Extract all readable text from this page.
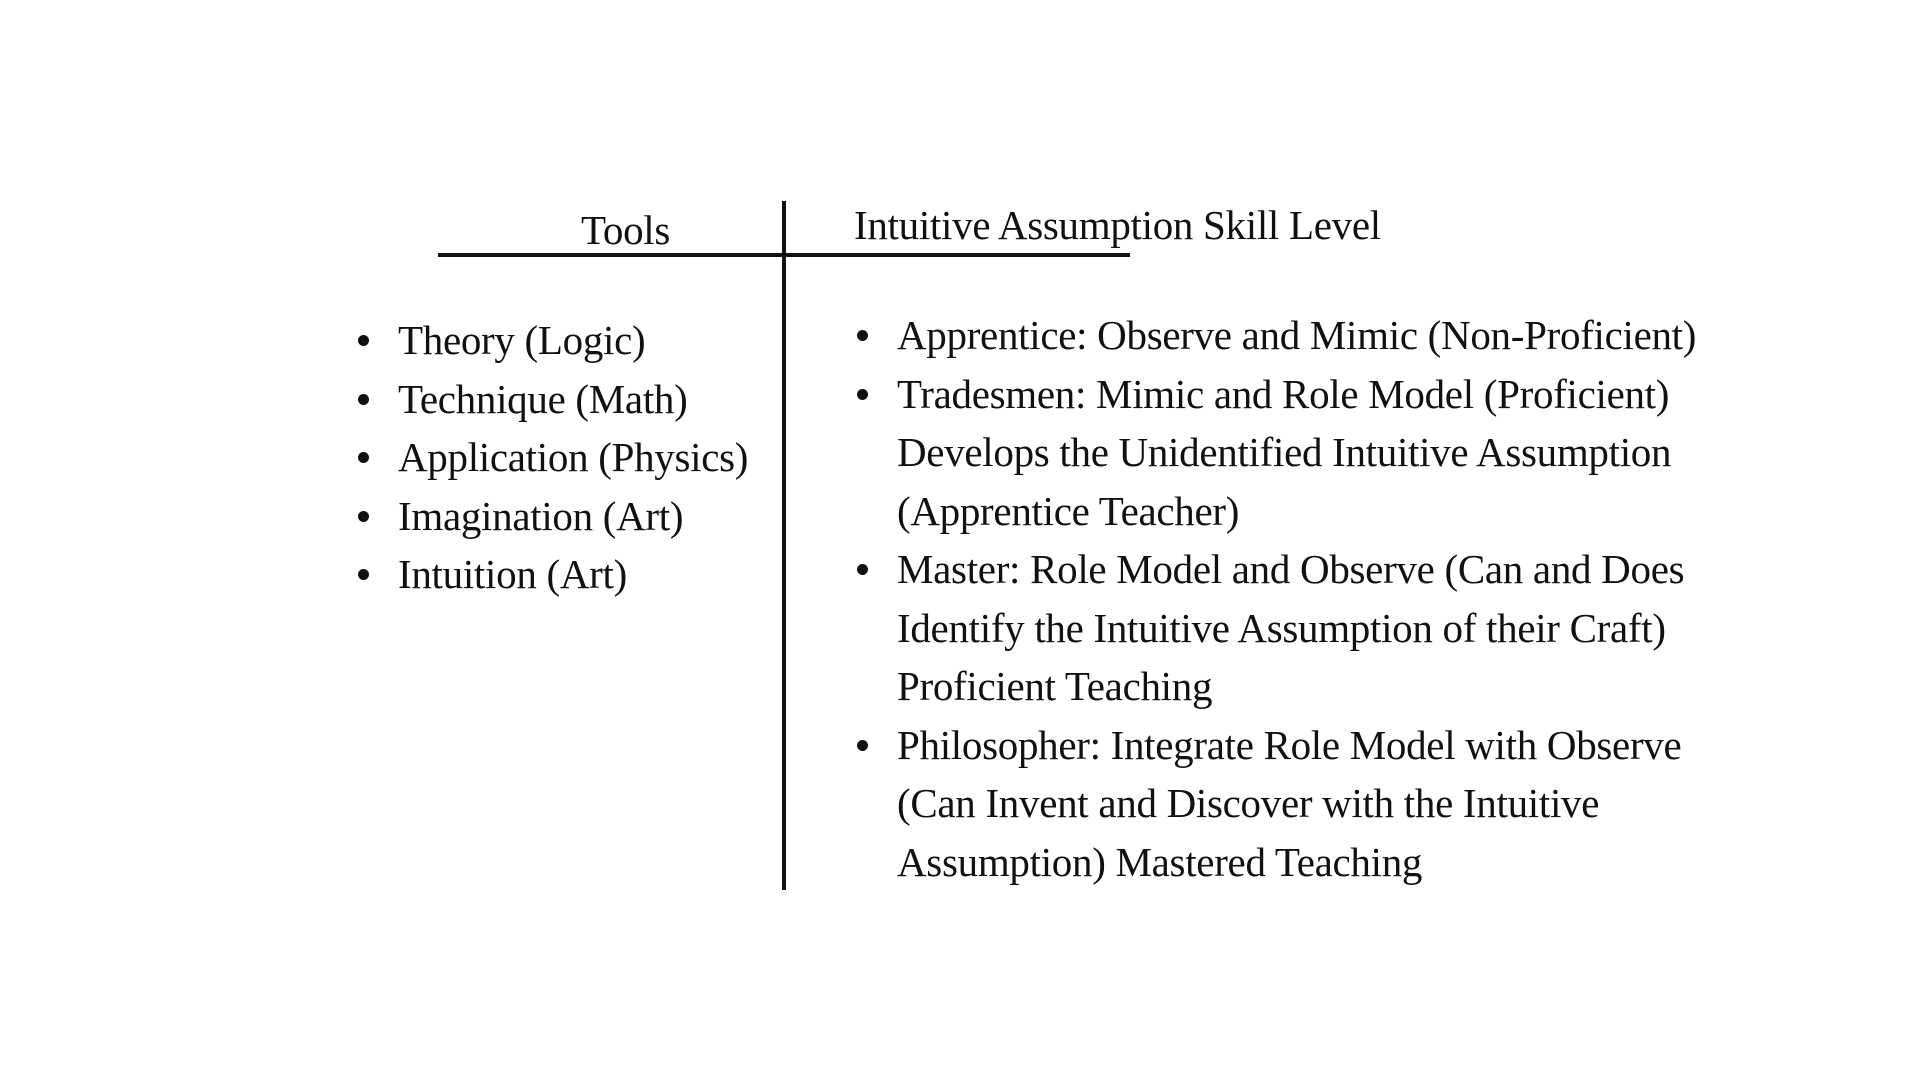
Tools	Intuitive Assumption Skill Level
Theory (Logic)
Technique (Math)
Application (Physics)
Imagination (Art)
Intuition (Art)
Apprentice: Observe and Mimic (Non-Proficient)
Tradesmen: Mimic and Role Model (Proficient) Develops the Unidentified Intuitive Assumption (Apprentice Teacher)
Master: Role Model and Observe (Can and Does Identify the Intuitive Assumption of their Craft) Proficient Teaching
Philosopher: Integrate Role Model with Observe (Can Invent and Discover with the Intuitive Assumption) Mastered Teaching
